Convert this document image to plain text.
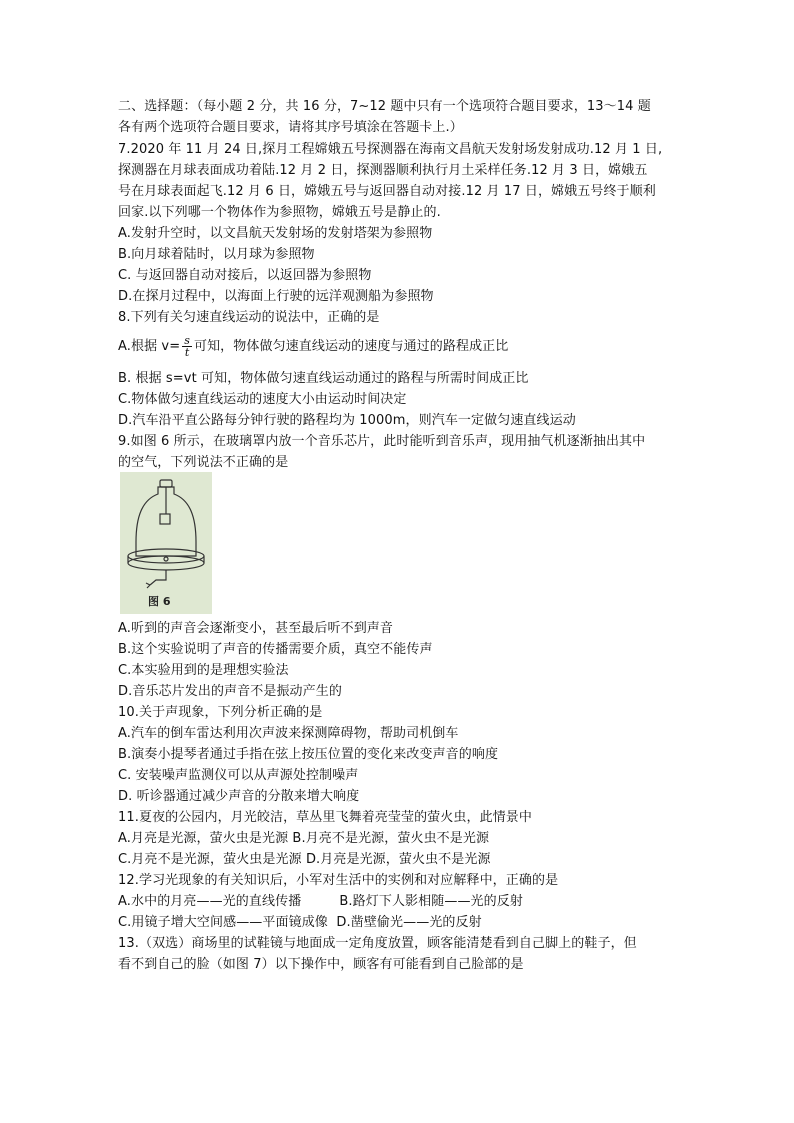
二、选择题：（每小题 2 分，共 16 分，7~12 题中只有一个选项符合题目要求，13～14 题
各有两个选项符合题目要求，请将其序号填涂在答题卡上.）
7.2020 年 11 月 24 日,探月工程嫦娥五号探测器在海南文昌航天发射场发射成功.12 月 1 日,
探测器在月球表面成功着陆.12 月 2 日，探测器顺利执行月土采样任务.12 月 3 日，嫦娥五
号在月球表面起飞.12 月 6 日，嫦娥五号与返回器自动对接.12 月 17 日，嫦娥五号终于顺利
回家.以下列哪一个物体作为参照物，嫦娥五号是静止的.
A.发射升空时，以文昌航天发射场的发射塔架为参照物
B.向月球着陆时，以月球为参照物
C. 与返回器自动对接后，以返回器为参照物
D.在探月过程中，以海面上行驶的远洋观测船为参照物
8.下列有关匀速直线运动的说法中，正确的是
A.根据 $v= \frac{s}{t}$ 可知，物体做匀速直线运动的速度与通过的路程成正比
B. 根据 s=vt 可知，物体做匀速直线运动通过的路程与所需时间成正比
C.物体做匀速直线运动的速度大小由运动时间决定
D.汽车沿平直公路每分钟行驶的路程均为 1000m，则汽车一定做匀速直线运动
9.如图 6 所示，在玻璃罩内放一个音乐芯片，此时能听到音乐声，现用抽气机逐渐抽出其中
的空气，下列说法不正确的是
图 6
A.听到的声音会逐渐变小，甚至最后听不到声音
B.这个实验说明了声音的传播需要介质，真空不能传声
C.本实验用到的是理想实验法
D.音乐芯片发出的声音不是振动产生的
10.关于声现象，下列分析正确的是
A.汽车的倒车雷达利用次声波来探测障碍物，帮助司机倒车
B.演奏小提琴者通过手指在弦上按压位置的变化来改变声音的响度
C. 安装噪声监测仪可以从声源处控制噪声
D. 听诊器通过减少声音的分散来增大响度
11.夏夜的公园内，月光皎洁，草丛里飞舞着亮莹莹的萤火虫，此情景中
A.月亮是光源，萤火虫是光源 B.月亮不是光源，萤火虫不是光源
C.月亮不是光源，萤火虫是光源 D.月亮是光源，萤火虫不是光源
12.学习光现象的有关知识后，小军对生活中的实例和对应解释中，正确的是
A.水中的月亮——光的直线传播         B.路灯下人影相随——光的反射
C.用镜子增大空间感——平面镜成像  D.凿壁偷光——光的反射
13.（双选）商场里的试鞋镜与地面成一定角度放置，顾客能清楚看到自己脚上的鞋子，但
看不到自己的脸（如图 7）以下操作中，顾客有可能看到自己脸部的是
